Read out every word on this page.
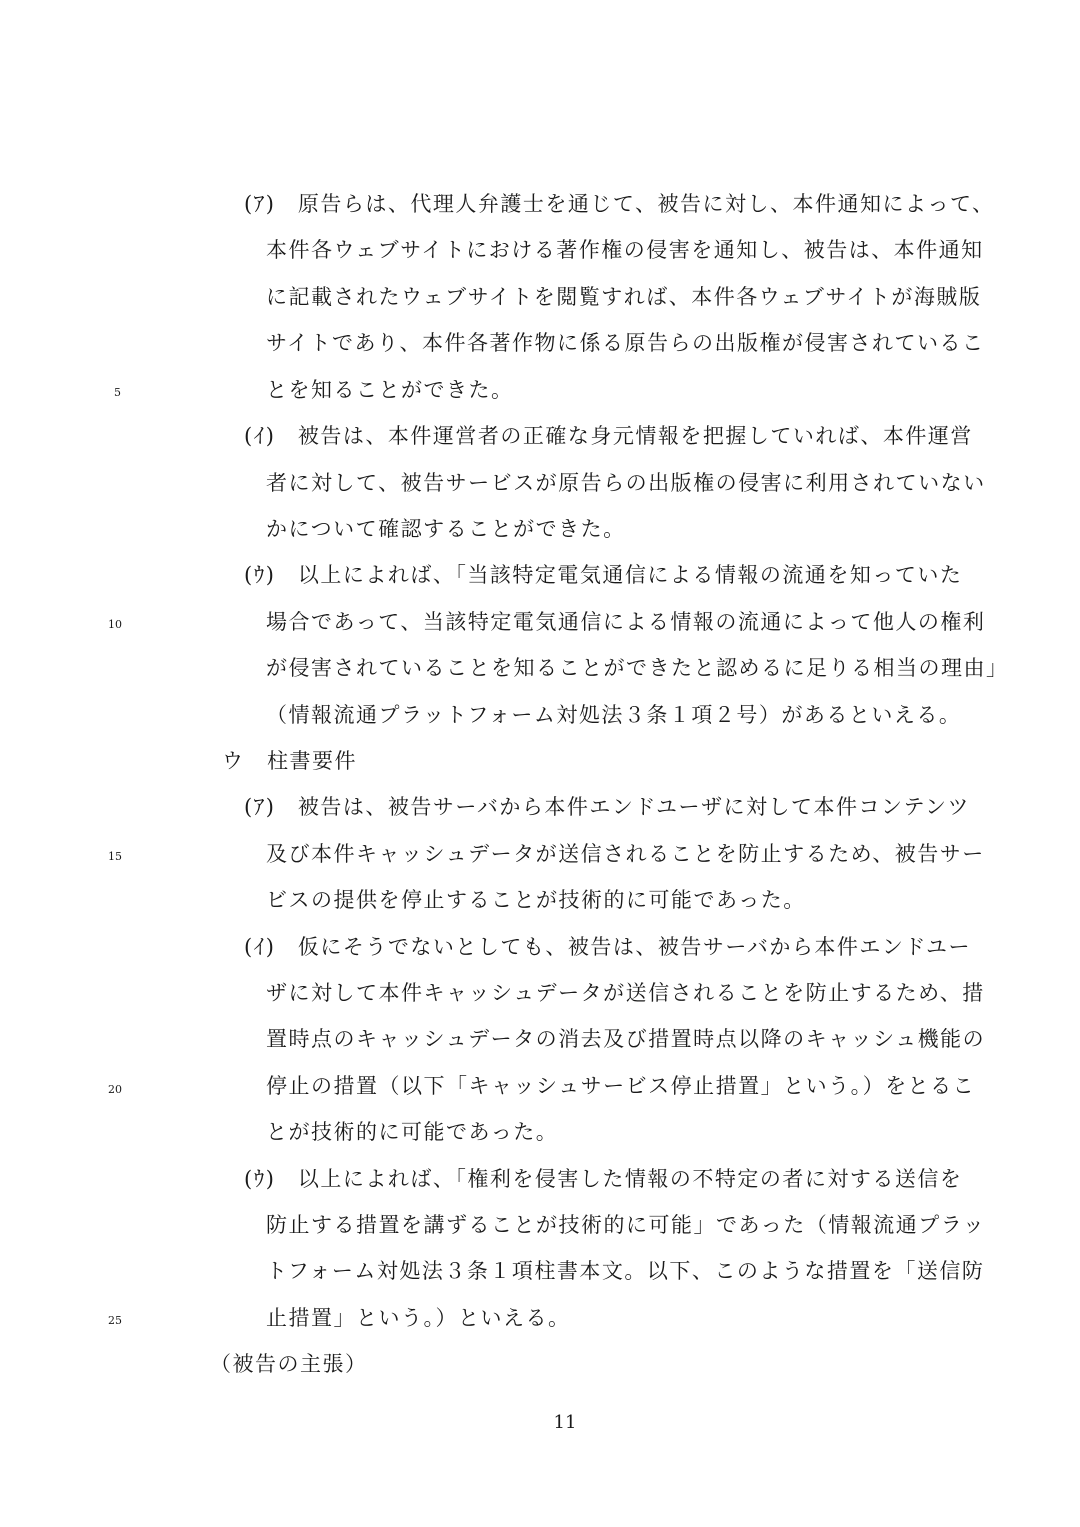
(ｱ)　原告らは、代理人弁護士を通じて、被告に対し、本件通知によって、
本件各ウェブサイトにおける著作権の侵害を通知し、被告は、本件通知
に記載されたウェブサイトを閲覧すれば、本件各ウェブサイトが海賊版
サイトであり、本件各著作物に係る原告らの出版権が侵害されているこ
とを知ることができた。
(ｲ)　被告は、本件運営者の正確な身元情報を把握していれば、本件運営
者に対して、被告サービスが原告らの出版権の侵害に利用されていない
かについて確認することができた。
(ｳ)　以上によれば、「当該特定電気通信による情報の流通を知っていた
場合であって、当該特定電気通信による情報の流通によって他人の権利
が侵害されていることを知ることができたと認めるに足りる相当の理由」
（情報流通プラットフォーム対処法３条１項２号）があるといえる。
ウ　柱書要件
(ｱ)　被告は、被告サーバから本件エンドユーザに対して本件コンテンツ
及び本件キャッシュデータが送信されることを防止するため、被告サー
ビスの提供を停止することが技術的に可能であった。
(ｲ)　仮にそうでないとしても、被告は、被告サーバから本件エンドユー
ザに対して本件キャッシュデータが送信されることを防止するため、措
置時点のキャッシュデータの消去及び措置時点以降のキャッシュ機能の
停止の措置（以下「キャッシュサービス停止措置」という。）をとるこ
とが技術的に可能であった。
(ｳ)　以上によれば、「権利を侵害した情報の不特定の者に対する送信を
防止する措置を講ずることが技術的に可能」であった（情報流通プラッ
トフォーム対処法３条１項柱書本文。以下、このような措置を「送信防
止措置」という。）といえる。
（被告の主張）
5
10
15
20
25
11
